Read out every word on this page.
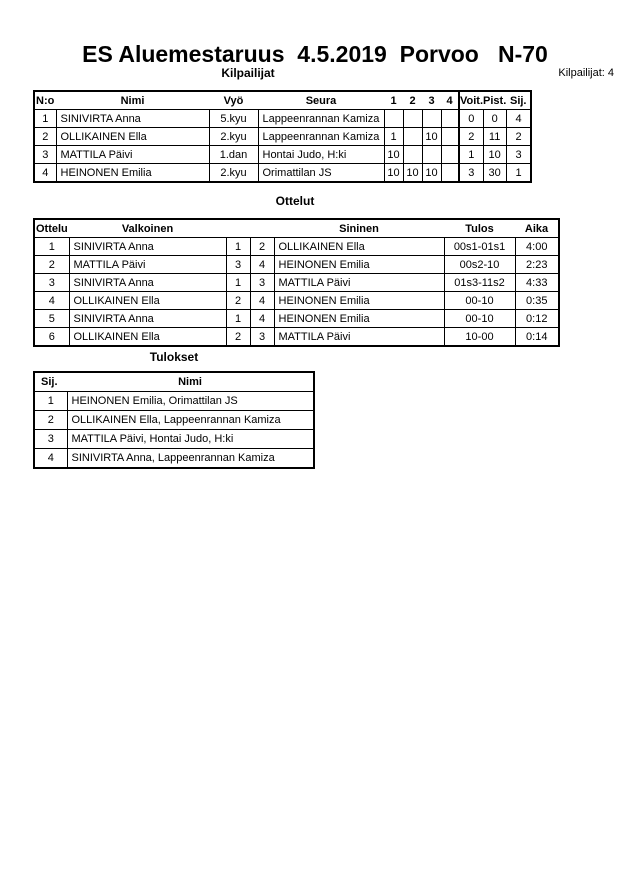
ES Aluemestaruus  4.5.2019  Porvoo   N-70
Kilpailijat	Kilpailijat: 4
N:o	Nimi	Vyö	Seura	1	2	3	4	Voit.	Pist.	Sij.
1	SINIVIRTA Anna	5.kyu	Lappeenrannan Kamiza					0	0	4
2	OLLIKAINEN Ella	2.kyu	Lappeenrannan Kamiza	1		10		2	11	2
3	MATTILA Päivi	1.dan	Hontai Judo, H:ki	10				1	10	3
4	HEINONEN Emilia	2.kyu	Orimattilan JS	10	10	10		3	30	1
Ottelut
Ottelu	Valkoinen			Sininen	Tulos	Aika
1	SINIVIRTA Anna	1	2	OLLIKAINEN Ella	00s1-01s1	4:00
2	MATTILA Päivi	3	4	HEINONEN Emilia	00s2-10	2:23
3	SINIVIRTA Anna	1	3	MATTILA Päivi	01s3-11s2	4:33
4	OLLIKAINEN Ella	2	4	HEINONEN Emilia	00-10	0:35
5	SINIVIRTA Anna	1	4	HEINONEN Emilia	00-10	0:12
6	OLLIKAINEN Ella	2	3	MATTILA Päivi	10-00	0:14
Tulokset
Sij.	Nimi
1	HEINONEN Emilia, Orimattilan JS
2	OLLIKAINEN Ella, Lappeenrannan Kamiza
3	MATTILA Päivi, Hontai Judo, H:ki
4	SINIVIRTA Anna, Lappeenrannan Kamiza
